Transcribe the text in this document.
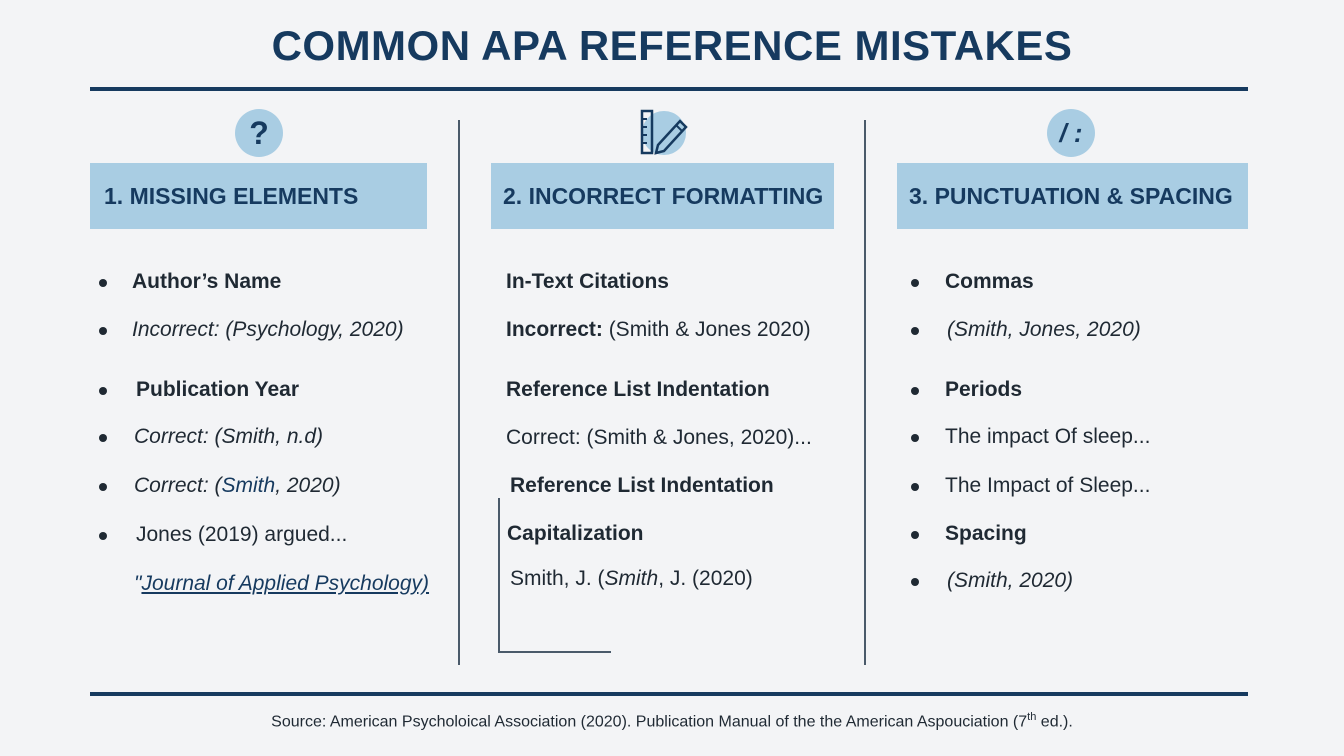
COMMON APA REFERENCE MISTAKES
?
1. MISSING ELEMENTS
Author’s Name
Incorrect: (Psychology, 2020)
Publication Year
Correct: (Smith, n.d)
Correct: (Smith, 2020)
Jones (2019) argued...
"Journal of Applied Psychology)
2. INCORRECT FORMATTING
In-Text Citations
Incorrect: (Smith & Jones 2020)
Reference List Indentation
Correct: (Smith & Jones, 2020)...
Reference List Indentation
Capitalization
Smith, J. (Smith, J. (2020)
/ :
3. PUNCTUATION & SPACING
Commas
(Smith, Jones, 2020)
Periods
The impact Of sleep...
The Impact of Sleep...
Spacing
(Smith, 2020)
Source: American Psycholoical Association (2020). Publication Manual of the the American Aspouciation (7th ed.).
